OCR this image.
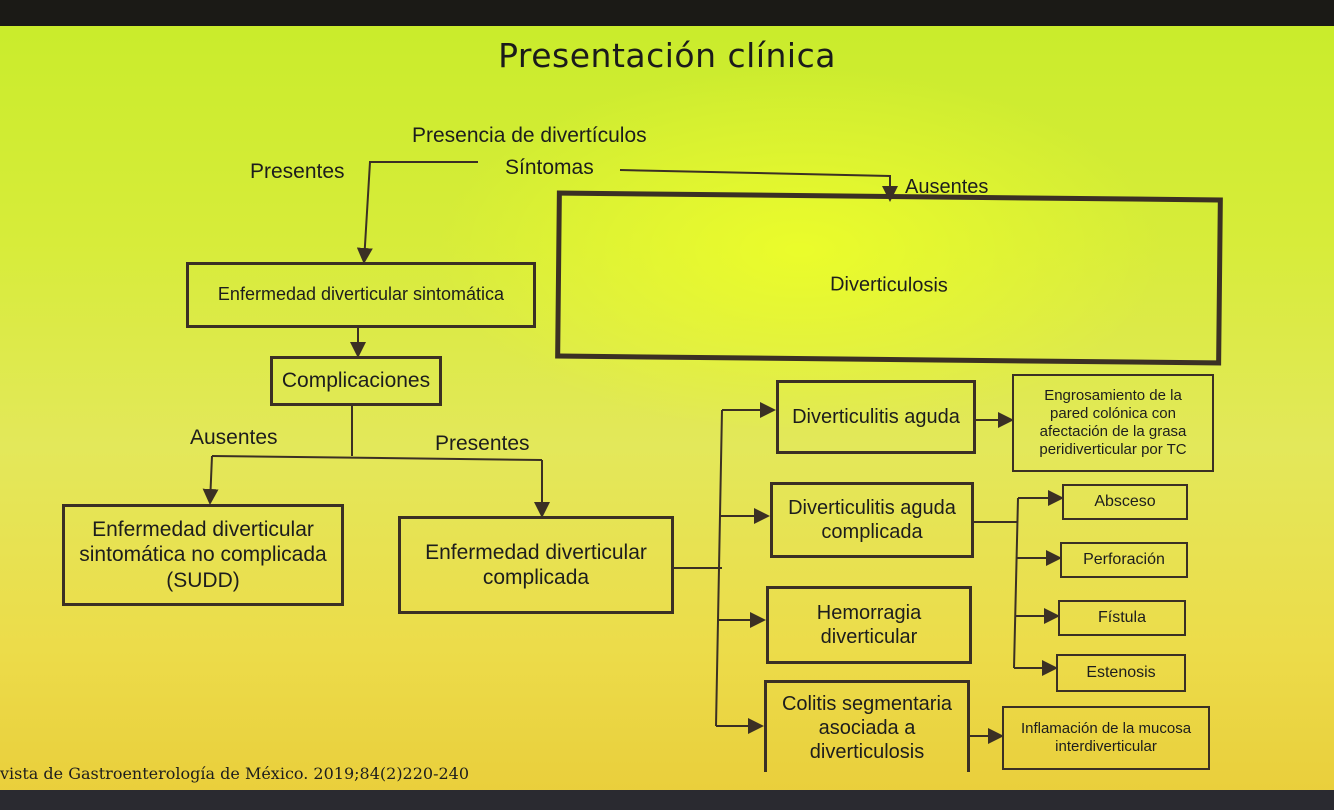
Presentación clínica
Presencia de divertículos
Síntomas
Presentes
Ausentes
Ausentes	Presentes
Diverticulosis
Enfermedad diverticular sintomática
Complicaciones
Enfermedad diverticular
sintomática no complicada
(SUDD)
Enfermedad diverticular
complicada
Diverticulitis aguda
Diverticulitis aguda
complicada
Hemorragia
diverticular
Colitis segmentaria
asociada a
diverticulosis
Engrosamiento de la
pared colónica con
afectación de la grasa
peridiverticular por TC
Absceso
Perforación
Fístula
Estenosis
Inflamación de la mucosa
interdiverticular
vista de Gastroenterología de México. 2019;84(2)220-240
